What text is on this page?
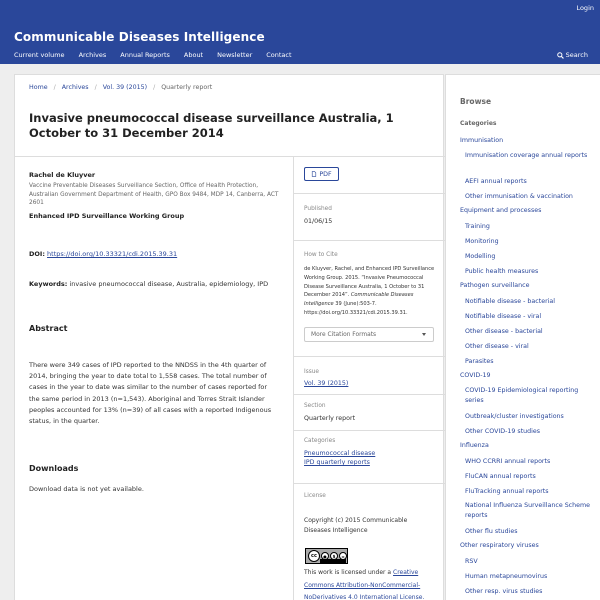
Login
Communicable Diseases Intelligence
Current volume Archives Annual Reports About Newsletter Contact	Search
Home / Archives / Vol. 39 (2015) / Quarterly report
Invasive pneumococcal disease surveillance Australia, 1 October to 31 December 2014
Rachel de Kluyver
Vaccine Preventable Diseases Surveillance Section, Office of Health Protection, Australian Government Department of Health, GPO Box 9484, MDP 14, Canberra, ACT 2601
Enhanced IPD Surveillance Working Group
DOI: https://doi.org/10.33321/cdi.2015.39.31
Keywords: invasive pneumococcal disease, Australia, epidemiology, IPD
Abstract

There were 349 cases of IPD reported to the NNDSS in the 4th quarter of 2014, bringing the year to date total to 1,558 cases. The total number of cases in the year to date was similar to the number of cases reported for the same period in 2013 (n=1,543). Aboriginal and Torres Strait Islander peoples accounted for 13% (n=39) of all cases with a reported Indigenous status, in the quarter.

Downloads

Download data is not yet available.

PDF
Published
01/06/15
How to Cite

de Kluyver, Rachel, and Enhanced IPD Surveillance Working Group. 2015. “Invasive Pneumococcal Disease Surveillance Australia, 1 October to 31 December 2014”. Communicable Diseases Intelligence 39 (June):503-7. https://doi.org/10.33321/cdi.2015.39.31.

More Citation Formats
Issue
Vol. 39 (2015)
Section
Quarterly report
Categories
Pneumococcal disease
IPD quarterly reports
License

Copyright (c) 2015 Communicable Diseases Intelligence

cc	●	$	=

This work is licensed under a Creative Commons Attribution-NonCommercial-NoDerivatives 4.0 International License.

Browse
Categories
Immunisation
Immunisation coverage annual reports
AEFI annual reports
Other immunisation & vaccination
Equipment and processes
Training
Monitoring
Modelling
Public health measures
Pathogen surveillance
Notifiable disease - bacterial
Notifiable disease - viral
Other disease - bacterial
Other disease - viral
Parasites
COVID-19
COVID-19 Epidemiological reporting series
Outbreak/cluster investigations
Other COVID-19 studies
Influenza
WHO CCRRI annual reports
FluCAN annual reports
FluTracking annual reports
National Influenza Surveillance Scheme reports
Other flu studies
Other respiratory viruses
RSV
Human metapneumovirus
Other resp. virus studies
